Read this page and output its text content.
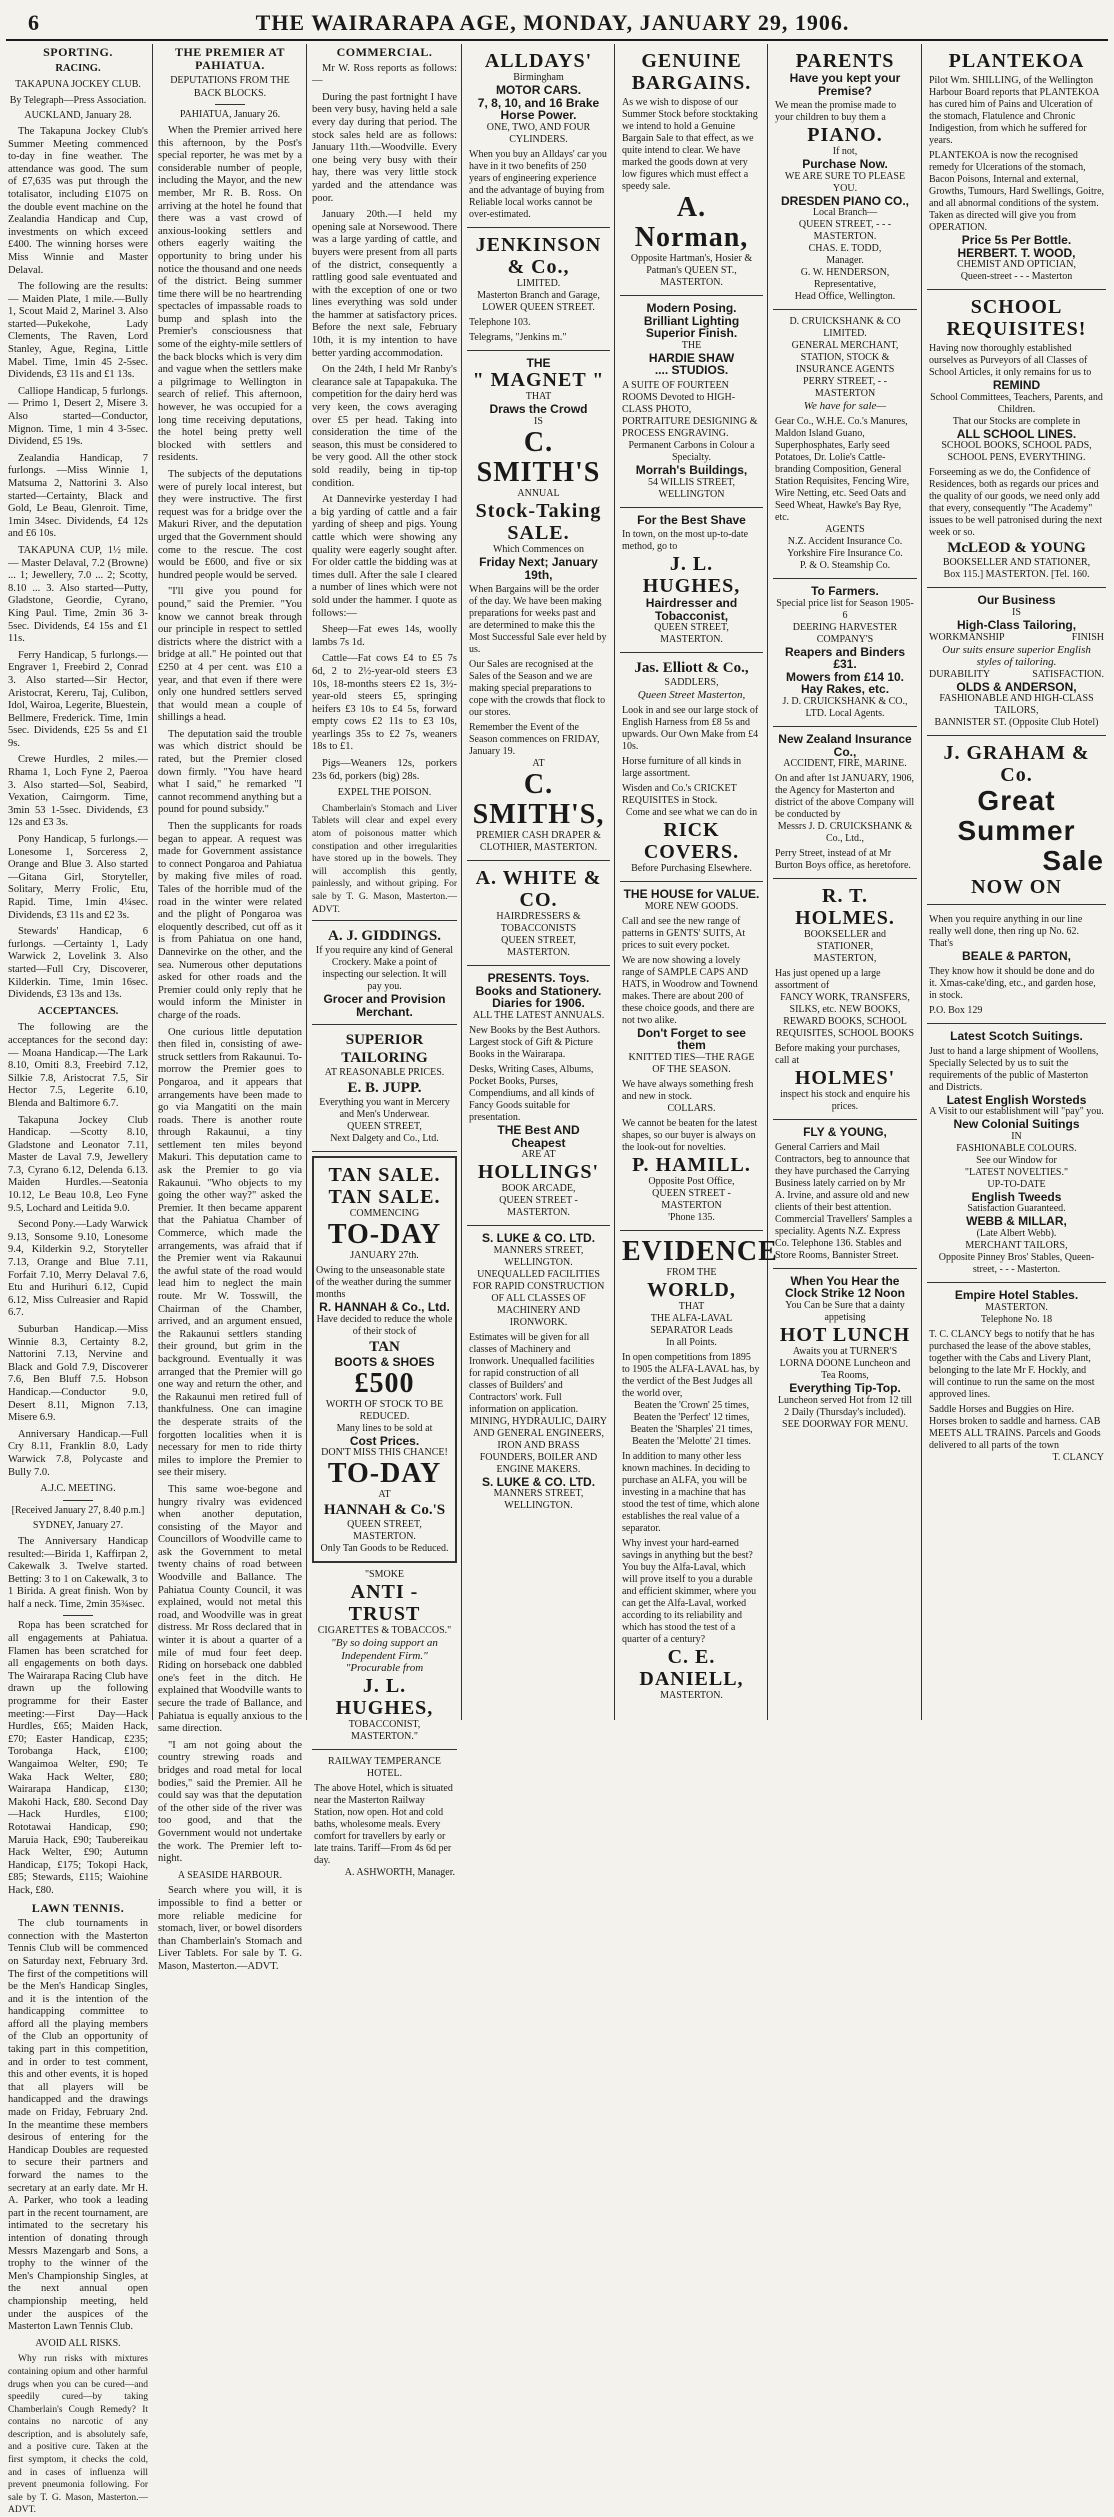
6	THE WAIRARAPA AGE, MONDAY, JANUARY 29, 1906.
SPORTING.
RACING.
TAKAPUNA JOCKEY CLUB.
By Telegraph—Press Association.
AUCKLAND, January 28.

The Takapuna Jockey Club's Summer Meeting commenced to-day in fine weather. The attendance was good. The sum of £7,635 was put through the totalisator, including £1075 on the double event machine on the Zealandia Handicap and Cup, investments on which exceed £400. The winning horses were Miss Winnie and Master Delaval.

The following are the results:— Maiden Plate, 1 mile.—Bully 1, Scout Maid 2, Marinel 3. Also started—Pukekohe, Lady Clements, The Raven, Lord Stanley, Ague, Regina, Little Mabel. Time, 1min 45 2-5sec. Dividends, £3 11s and £1 13s.

Calliope Handicap, 5 furlongs.— Primo 1, Desert 2, Misere 3. Also started—Conductor, Mignon. Time, 1 min 4 3-5sec. Dividend, £5 19s.

Zealandia Handicap, 7 furlongs. —Miss Winnie 1, Matsuma 2, Nattorini 3. Also started—Certainty, Black and Gold, Le Beau, Glenroit. Time, 1min 34sec. Dividends, £4 12s and £6 10s.

TAKAPUNA CUP, 1½ mile.— Master Delaval, 7.2 (Browne) ... 1; Jewellery, 7.0 ... 2; Scotty, 8.10 ... 3. Also started—Putty, Gladstone, Geordie, Cyrano, King Paul. Time, 2min 36 3-5sec. Dividends, £4 15s and £1 11s.

Ferry Handicap, 5 furlongs.—Engraver 1, Freebird 2, Conrad 3. Also started—Sir Hector, Aristocrat, Kereru, Taj, Culibon, Idol, Wairoa, Legerite, Bluestein, Bellmere, Frederick. Time, 1min 5sec. Dividends, £25 5s and £1 9s.

Crewe Hurdles, 2 miles.—Rhama 1, Loch Fyne 2, Paeroa 3. Also started—Sol, Seabird, Vexation, Cairngorm. Time, 3min 53 1-5sec. Dividends, £3 12s and £3 3s.

Pony Handicap, 5 furlongs.— Lonesome 1, Sorceress 2, Orange and Blue 3. Also started—Gitana Girl, Storyteller, Solitary, Merry Frolic, Etu, Rapid. Time, 1min 4¼sec. Dividends, £3 11s and £2 3s.

Stewards' Handicap, 6 furlongs. —Certainty 1, Lady Warwick 2, Lovelink 3. Also started—Full Cry, Discoverer, Kilderkin. Time, 1min 16sec. Dividends, £3 13s and 13s.

ACCEPTANCES.

The following are the acceptances for the second day:— Moana Handicap.—The Lark 8.10, Omiti 8.3, Freebird 7.12, Silkie 7.8, Aristocrat 7.5, Sir Hector 7.5, Legerite 6.10, Blenda and Baltimore 6.7.

Takapuna Jockey Club Handicap. —Scotty 8.10, Gladstone and Leonator 7.11, Master de Laval 7.9, Jewellery 7.3, Cyrano 6.12, Delenda 6.13. Maiden Hurdles.—Seatonia 10.12, Le Beau 10.8, Leo Fyne 9.5, Lochard and Leitida 9.0.

Second Pony.—Lady Warwick 9.13, Sonsome 9.10, Lonesome 9.4, Kilderkin 9.2, Storyteller 7.13, Orange and Blue 7.11, Forfait 7.10, Merry Delaval 7.6, Etu and Hurihuri 6.12, Cupid 6.12, Miss Culreasier and Rapid 6.7.

Suburban Handicap.—Miss Winnie 8.3, Certainty 8.2, Nattorini 7.13, Nervine and Black and Gold 7.9, Discoverer 7.6, Ben Bluff 7.5. Hobson Handicap.—Conductor 9.0, Desert 8.11, Mignon 7.13, Misere 6.9.

Anniversary Handicap.—Full Cry 8.11, Franklin 8.0, Lady Warwick 7.8, Polycaste and Bully 7.0.

A.J.C. MEETING.
[Received January 27, 8.40 p.m.]
SYDNEY, January 27.

The Anniversary Handicap resulted:—Birida 1, Kaffirpan 2, Cakewalk 3. Twelve started. Betting: 3 to 1 on Cakewalk, 3 to 1 Birida. A great finish. Won by half a neck. Time, 2min 35¾sec.

Ropa has been scratched for all engagements at Pahiatua. Flamen has been scratched for all engagements on both days. The Wairarapa Racing Club have drawn up the following programme for their Easter meeting:—First Day—Hack Hurdles, £65; Maiden Hack, £70; Easter Handicap, £235; Torobanga Hack, £100; Wangaimoa Welter, £90; Te Waka Hack Welter, £80; Wairarapa Handicap, £130; Makohi Hack, £80. Second Day—Hack Hurdles, £100; Rototawai Handicap, £90; Maruia Hack, £90; Taubereikau Hack Welter, £90; Autumn Handicap, £175; Tokopi Hack, £85; Stewards, £115; Waiohine Hack, £80.

LAWN TENNIS.

The club tournaments in connection with the Masterton Tennis Club will be commenced on Saturday next, February 3rd. The first of the competitions will be the Men's Handicap Singles, and it is the intention of the handicapping committee to afford all the playing members of the Club an opportunity of taking part in this competition, and in order to test comment, this and other events, it is hoped that all players will be handicapped and the drawings made on Friday, February 2nd. In the meantime these members desirous of entering for the Handicap Doubles are requested to secure their partners and forward the names to the secretary at an early date. Mr H. A. Parker, who took a leading part in the recent tournament, are intimated to the secretary his intention of donating through Messrs Mazengarb and Sons, a trophy to the winner of the Men's Championship Singles, at the next annual open championship meeting, held under the auspices of the Masterton Lawn Tennis Club.

AVOID ALL RISKS.

Why run risks with mixtures containing opium and other harmful drugs when you can be cured—and speedily cured—by taking Chamberlain's Cough Remedy? It contains no narcotic of any description, and is absolutely safe, and a positive cure. Taken at the first symptom, it checks the cold, and in cases of influenza will prevent pneumonia following. For sale by T. G. Mason, Masterton.—ADVT.

THE PREMIER AT PAHIATUA.
DEPUTATIONS FROM THE BACK BLOCKS.
PAHIATUA, January 26.

When the Premier arrived here this afternoon, by the Post's special reporter, he was met by a considerable number of people, including the Mayor, and the new member, Mr R. B. Ross. On arriving at the hotel he found that there was a vast crowd of anxious-looking settlers and others eagerly waiting the opportunity to bring under his notice the thousand and one needs of the district. Being summer time there will be no heartrending spectacles of impassable roads to bump and splash into the Premier's consciousness that some of the eighty-mile settlers of the back blocks which is very dim and vague when the settlers make a pilgrimage to Wellington in search of relief. This afternoon, however, he was occupied for a long time receiving deputations, the hotel being pretty well blocked with settlers and residents.

The subjects of the deputations were of purely local interest, but they were instructive. The first request was for a bridge over the Makuri River, and the deputation urged that the Government should come to the rescue. The cost would be £600, and five or six hundred people would be served.

"I'll give you pound for pound," said the Premier. "You know we cannot break through our principle in respect to settled districts where the district with a bridge at all." He pointed out that £250 at 4 per cent. was £10 a year, and that even if there were only one hundred settlers served that would mean a couple of shillings a head.

The deputation said the trouble was which district should be rated, but the Premier closed down firmly. "You have heard what I said," he remarked "I cannot recommend anything but a pound for pound subsidy."

Then the supplicants for roads began to appear. A request was made for Government assistance to connect Pongaroa and Pahiatua by making five miles of road. Tales of the horrible mud of the road in the winter were related and the plight of Pongaroa was eloquently described, cut off as it is from Pahiatua on one hand, Dannevirke on the other, and the sea. Numerous other deputations asked for other roads and the Premier could only reply that he would inform the Minister in charge of the roads.

One curious little deputation then filed in, consisting of awe-struck settlers from Rakaunui. To-morrow the Premier goes to Pongaroa, and it appears that arrangements have been made to go via Mangatiti on the main roads. There is another route through Rakaunui, a tiny settlement ten miles beyond Makuri. This deputation came to ask the Premier to go via Rakaunui. "Who objects to my going the other way?" asked the Premier. It then became apparent that the Pahiatua Chamber of Commerce, which made the arrangements, was afraid that if the Premier went via Rakaunui the awful state of the road would lead him to neglect the main route. Mr W. Tosswill, the Chairman of the Chamber, arrived, and an argument ensued, the Rakaunui settlers standing their ground, but grim in the background. Eventually it was arranged that the Premier will go one way and return the other, and the Rakaunui men retired full of thankfulness. One can imagine the desperate straits of the forgotten localities when it is necessary for men to ride thirty miles to implore the Premier to see their misery.

This same woe-begone and hungry rivalry was evidenced when another deputation, consisting of the Mayor and Councillors of Woodville came to ask the Government to metal twenty chains of road between Woodville and Ballance. The Pahiatua County Council, it was explained, would not metal this road, and Woodville was in great distress. Mr Ross declared that in winter it is about a quarter of a mile of mud four feet deep. Riding on horseback one dabbled one's feet in the ditch. He explained that Woodville wants to secure the trade of Ballance, and Pahiatua is equally anxious to the same direction.

"I am not going about the country strewing roads and bridges and road metal for local bodies," said the Premier. All he could say was that the deputation of the other side of the river was too good, and that the Government would not undertake the work. The Premier left to-night.

A SEASIDE HARBOUR.

Search where you will, it is impossible to find a better or more reliable medicine for stomach, liver, or bowel disorders than Chamberlain's Stomach and Liver Tablets. For sale by T. G. Mason, Masterton.—ADVT.

COMMERCIAL.

Mr W. Ross reports as follows:—

During the past fortnight I have been very busy, having held a sale every day during that period. The stock sales held are as follows: January 11th.—Woodville. Every one being very busy with their hay, there was very little stock yarded and the attendance was poor.

January 20th.—I held my opening sale at Norsewood. There was a large yarding of cattle, and buyers were present from all parts of the district, consequently a rattling good sale eventuated and with the exception of one or two lines everything was sold under the hammer at satisfactory prices. Before the next sale, February 10th, it is my intention to have better yarding accommodation.

On the 24th, I held Mr Ranby's clearance sale at Tapapakuka. The competition for the dairy herd was very keen, the cows averaging over £5 per head. Taking into consideration the time of the season, this must be considered to be very good. All the other stock sold readily, being in tip-top condition.

At Dannevirke yesterday I had a big yarding of cattle and a fair yarding of sheep and pigs. Young cattle which were showing any quality were eagerly sought after. For older cattle the bidding was at times dull. After the sale I cleared a number of lines which were not sold under the hammer. I quote as follows:—

Sheep—Fat ewes 14s, woolly lambs 7s 1d.

Cattle—Fat cows £4 to £5 7s 6d, 2 to 2½-year-old steers £3 10s, 18-months steers £2 1s, 3½-year-old steers £5, springing heifers £3 10s to £4 5s, forward empty cows £2 11s to £3 10s, yearlings 35s to £2 7s, weaners 18s to £1.

Pigs—Weaners 12s, porkers 23s 6d, porkers (big) 28s.

EXPEL THE POISON.

Chamberlain's Stomach and Liver Tablets will clear and expel every atom of poisonous matter which constipation and other irregularities have stored up in the bowels. They will accomplish this gently, painlessly, and without griping. For sale by T. G. Mason, Masterton.—ADVT.

A. J. GIDDINGS.
If you require any kind of General Crockery. Make a point of inspecting our selection. It will pay you.
Grocer and Provision Merchant.
SUPERIOR TAILORING
AT REASONABLE PRICES.
E. B. JUPP.
Everything you want in Mercery and Men's Underwear.
QUEEN STREET,
Next Dalgety and Co., Ltd.
TAN SALE.
TAN SALE.
COMMENCING
TO-DAY
JANUARY 27th.
Owing to the unseasonable state of the weather during the summer months
R. HANNAH & Co., Ltd.
Have decided to reduce the whole of their stock of
TAN
BOOTS & SHOES
£500
WORTH OF STOCK TO BE REDUCED.
Many lines to be sold at
Cost Prices.
DON'T MISS THIS CHANCE!
TO-DAY
AT
HANNAH & Co.'S
QUEEN STREET, MASTERTON.
Only Tan Goods to be Reduced.
"SMOKE
ANTI - TRUST
CIGARETTES & TOBACCOS."
"By so doing support an Independent Firm."
"Procurable from
J. L. HUGHES,
TOBACCONIST,
MASTERTON."
RAILWAY TEMPERANCE HOTEL.
The above Hotel, which is situated near the Masterton Railway Station, now open. Hot and cold baths, wholesome meals. Every comfort for travellers by early or late trains. Tariff—From 4s 6d per day.
A. ASHWORTH, Manager.
ALLDAYS'
Birmingham
MOTOR CARS.
7, 8, 10, and 16 Brake Horse Power.
ONE, TWO, AND FOUR CYLINDERS.
When you buy an Alldays' car you have in it two benefits of 250 years of engineering experience and the advantage of buying from Reliable local works cannot be over-estimated.
JENKINSON & Co.,
LIMITED.
Masterton Branch and Garage, LOWER QUEEN STREET.
Telephone 103.
Telegrams, "Jenkins m."
THE
" MAGNET "
THAT
Draws the Crowd
IS
C. SMITH'S
ANNUAL
Stock-Taking
SALE.
Which Commences on
Friday Next; January 19th,
When Bargains will be the order of the day. We have been making preparations for weeks past and are determined to make this the Most Successful Sale ever held by us.
Our Sales are recognised at the Sales of the Season and we are making special preparations to cope with the crowds that flock to our stores.
Remember the Event of the Season commences on FRIDAY, January 19.
AT
C. SMITH'S,
PREMIER CASH DRAPER & CLOTHIER, MASTERTON.
A. WHITE & CO.
HAIRDRESSERS & TOBACCONISTS
QUEEN STREET, MASTERTON.
PRESENTS. Toys.
Books and Stationery.
Diaries for 1906.
ALL THE LATEST ANNUALS.
New Books by the Best Authors. Largest stock of Gift & Picture Books in the Wairarapa.
Desks, Writing Cases, Albums, Pocket Books, Purses, Compendiums, and all kinds of Fancy Goods suitable for presentation.
THE Best AND Cheapest
ARE AT
HOLLINGS'
BOOK ARCADE,
QUEEN STREET - MASTERTON.
S. LUKE & CO. LTD.
MANNERS STREET,
WELLINGTON.
UNEQUALLED FACILITIES FOR RAPID CONSTRUCTION OF ALL CLASSES OF MACHINERY AND IRONWORK.
Estimates will be given for all classes of Machinery and Ironwork. Unequalled facilities for rapid construction of all classes of Builders' and Contractors' work. Full information on application.
MINING, HYDRAULIC, DAIRY AND GENERAL ENGINEERS, IRON AND BRASS FOUNDERS, BOILER AND ENGINE MAKERS.
S. LUKE & CO. LTD.
MANNERS STREET,
WELLINGTON.
GENUINE
BARGAINS.
As we wish to dispose of our Summer Stock before stocktaking we intend to hold a Genuine Bargain Sale to that effect, as we quite intend to clear. We have marked the goods down at very low figures which must effect a speedy sale.
A. Norman,
Opposite Hartman's, Hosier & Patman's QUEEN ST., MASTERTON.
Modern Posing.
Brilliant Lighting
Superior Finish.
THE
HARDIE SHAW
.... STUDIOS.
A SUITE OF FOURTEEN ROOMS Devoted to HIGH-CLASS PHOTO, PORTRAITURE DESIGNING & PROCESS ENGRAVING.
Permanent Carbons in Colour a Specialty.
Morrah's Buildings,
54 WILLIS STREET, WELLINGTON
For the Best Shave
In town, on the most up-to-date method, go to
J. L. HUGHES,
Hairdresser and Tobacconist,
QUEEN STREET, MASTERTON.
Jas. Elliott & Co.,
SADDLERS,
Queen Street Masterton,
Look in and see our large stock of English Harness from £8 5s and upwards. Our Own Make from £4 10s.
Horse furniture of all kinds in large assortment.
Wisden and Co.'s CRICKET REQUISITES in Stock.
Come and see what we can do in
RICK COVERS.
Before Purchasing Elsewhere.
THE HOUSE for VALUE.
MORE NEW GOODS.
Call and see the new range of patterns in GENTS' SUITS, At prices to suit every pocket.
We are now showing a lovely range of SAMPLE CAPS AND HATS, in Woodrow and Townend makes. There are about 200 of these choice goods, and there are not two alike.
Don't Forget to see them
KNITTED TIES—THE RAGE OF THE SEASON.
We have always something fresh and new in stock.
COLLARS.
We cannot be beaten for the latest shapes, so our buyer is always on the look-out for novelties.
P. HAMILL.
Opposite Post Office,
QUEEN STREET - MASTERTON
'Phone 135.
EVIDENCE
FROM THE
WORLD,
THAT
THE ALFA-LAVAL SEPARATOR Leads
In all Points.
In open competitions from 1895 to 1905 the ALFA-LAVAL has, by the verdict of the Best Judges all the world over,
Beaten the 'Crown' 25 times, Beaten the 'Perfect' 12 times, Beaten the 'Sharples' 21 times, Beaten the 'Melotte' 21 times.
In addition to many other less known machines. In deciding to purchase an ALFA, you will be investing in a machine that has stood the test of time, which alone establishes the real value of a separator.
Why invest your hard-earned savings in anything but the best? You buy the Alfa-Laval, which will prove itself to you a durable and efficient skimmer, where you can get the Alfa-Laval, worked according to its reliability and which has stood the test of a quarter of a century?
C. E. DANIELL,
MASTERTON.
PARENTS
Have you kept your Premise?
We mean the promise made to your children to buy them a
PIANO.
If not,
Purchase Now.
WE ARE SURE TO PLEASE YOU.
DRESDEN PIANO CO.,
Local Branch—
QUEEN STREET, - - - MASTERTON.
CHAS. E. TODD,
Manager.
G. W. HENDERSON,
Representative,
Head Office, Wellington.
D. CRUICKSHANK & CO
LIMITED.
GENERAL MERCHANT, STATION, STOCK & INSURANCE AGENTS
PERRY STREET, - - MASTERTON
We have for sale—
Gear Co., W.H.E. Co.'s Manures, Maldon Island Guano, Superphosphates, Early seed Potatoes, Dr. Lolie's Cattle-branding Composition, General Station Requisites, Fencing Wire, Wire Netting, etc. Seed Oats and Seed Wheat, Hawke's Bay Rye, etc.
AGENTS
N.Z. Accident Insurance Co.
Yorkshire Fire Insurance Co.
P. & O. Steamship Co.
To Farmers.
Special price list for Season 1905-6
DEERING HARVESTER COMPANY'S
Reapers and Binders £31.
Mowers from £14 10.
Hay Rakes, etc.
J. D. CRUICKSHANK & CO., LTD. Local Agents.
New Zealand Insurance Co.,
ACCIDENT, FIRE, MARINE.
On and after 1st JANUARY, 1906, the Agency for Masterton and district of the above Company will be conducted by
Messrs J. D. CRUICKSHANK & Co., Ltd.,
Perry Street, instead of at Mr Burton Boys office, as heretofore.
R. T. HOLMES.
BOOKSELLER and STATIONER,
MASTERTON,
Has just opened up a large assortment of
FANCY WORK, TRANSFERS, SILKS, etc. NEW BOOKS, REWARD BOOKS, SCHOOL REQUISITES, SCHOOL BOOKS
Before making your purchases, call at
HOLMES'
inspect his stock and enquire his prices.
FLY & YOUNG,
General Carriers and Mail Contractors, beg to announce that they have purchased the Carrying Business lately carried on by Mr A. Irvine, and assure old and new clients of their best attention. Commercial Travellers' Samples a speciality. Agents N.Z. Express Co. Telephone 136. Stables and Store Rooms, Bannister Street.
When You Hear the
Clock Strike 12 Noon
You Can be Sure that a dainty appetising
HOT LUNCH
Awaits you at TURNER'S LORNA DOONE Luncheon and Tea Rooms,
Everything Tip-Top.
Luncheon served Hot from 12 till 2 Daily (Thursday's included).
SEE DOORWAY FOR MENU.
PLANTEKOA
Pilot Wm. SHILLING, of the Wellington Harbour Board reports that PLANTEKOA has cured him of Pains and Ulceration of the stomach, Flatulence and Chronic Indigestion, from which he suffered for years.
PLANTEKOA is now the recognised remedy for Ulcerations of the stomach, Bacon Poisons, Internal and external, Growths, Tumours, Hard Swellings, Goitre, and all abnormal conditions of the system. Taken as directed will give you from OPERATION.
Price 5s Per Bottle.
HERBERT. T. WOOD,
CHEMIST AND OPTICIAN,
Queen-street - - - Masterton
SCHOOL
REQUISITES!
Having now thoroughly established ourselves as Purveyors of all Classes of School Articles, it only remains for us to
REMIND
School Committees, Teachers, Parents, and Children.
That our Stocks are complete in
ALL SCHOOL LINES.
SCHOOL BOOKS, SCHOOL PADS, SCHOOL PENS, EVERYTHING.
Forseeming as we do, the Confidence of Residences, both as regards our prices and the quality of our goods, we need only add that every, consequently "The Academy" issues to be well patronised during the next week or so.
McLEOD & YOUNG
BOOKSELLER AND STATIONER,
Box 115.] MASTERTON. [Tel. 160.
Our Business
IS
High-Class Tailoring,
WORKMANSHIP	FINISH
Our suits ensure superior English styles of tailoring.
DURABILITY	SATISFACTION.
OLDS & ANDERSON,
FASHIONABLE AND HIGH-CLASS TAILORS,
BANNISTER ST. (Opposite Club Hotel)
J. GRAHAM & Co.
Great
Summer
Sale
NOW ON
When you require anything in our line really well done, then ring up No. 62. That's
BEALE & PARTON,
They know how it should be done and do it. Xmas-cake'ding, etc., and garden hose, in stock.
P.O. Box 129
Latest Scotch Suitings.
Just to hand a large shipment of Woollens, Specially Selected by us to suit the requirements of the public of Masterton and Districts.
Latest English Worsteds
A Visit to our establishment will "pay" you.
New Colonial Suitings
IN
FASHIONABLE COLOURS.
See our Window for
"LATEST NOVELTIES."
UP-TO-DATE
English Tweeds
Satisfaction Guaranteed.
WEBB & MILLAR,
(Late Albert Webb).
MERCHANT TAILORS,
Opposite Pinney Bros' Stables, Queen-street, - - - Masterton.
Empire Hotel Stables.
MASTERTON.
Telephone No. 18
T. C. CLANCY begs to notify that he has purchased the lease of the above stables, together with the Cabs and Livery Plant, belonging to the late Mr F. Hockly, and will continue to run the same on the most approved lines.
Saddle Horses and Buggies on Hire. Horses broken to saddle and harness. CAB MEETS ALL TRAINS. Parcels and Goods delivered to all parts of the town
T. CLANCY
